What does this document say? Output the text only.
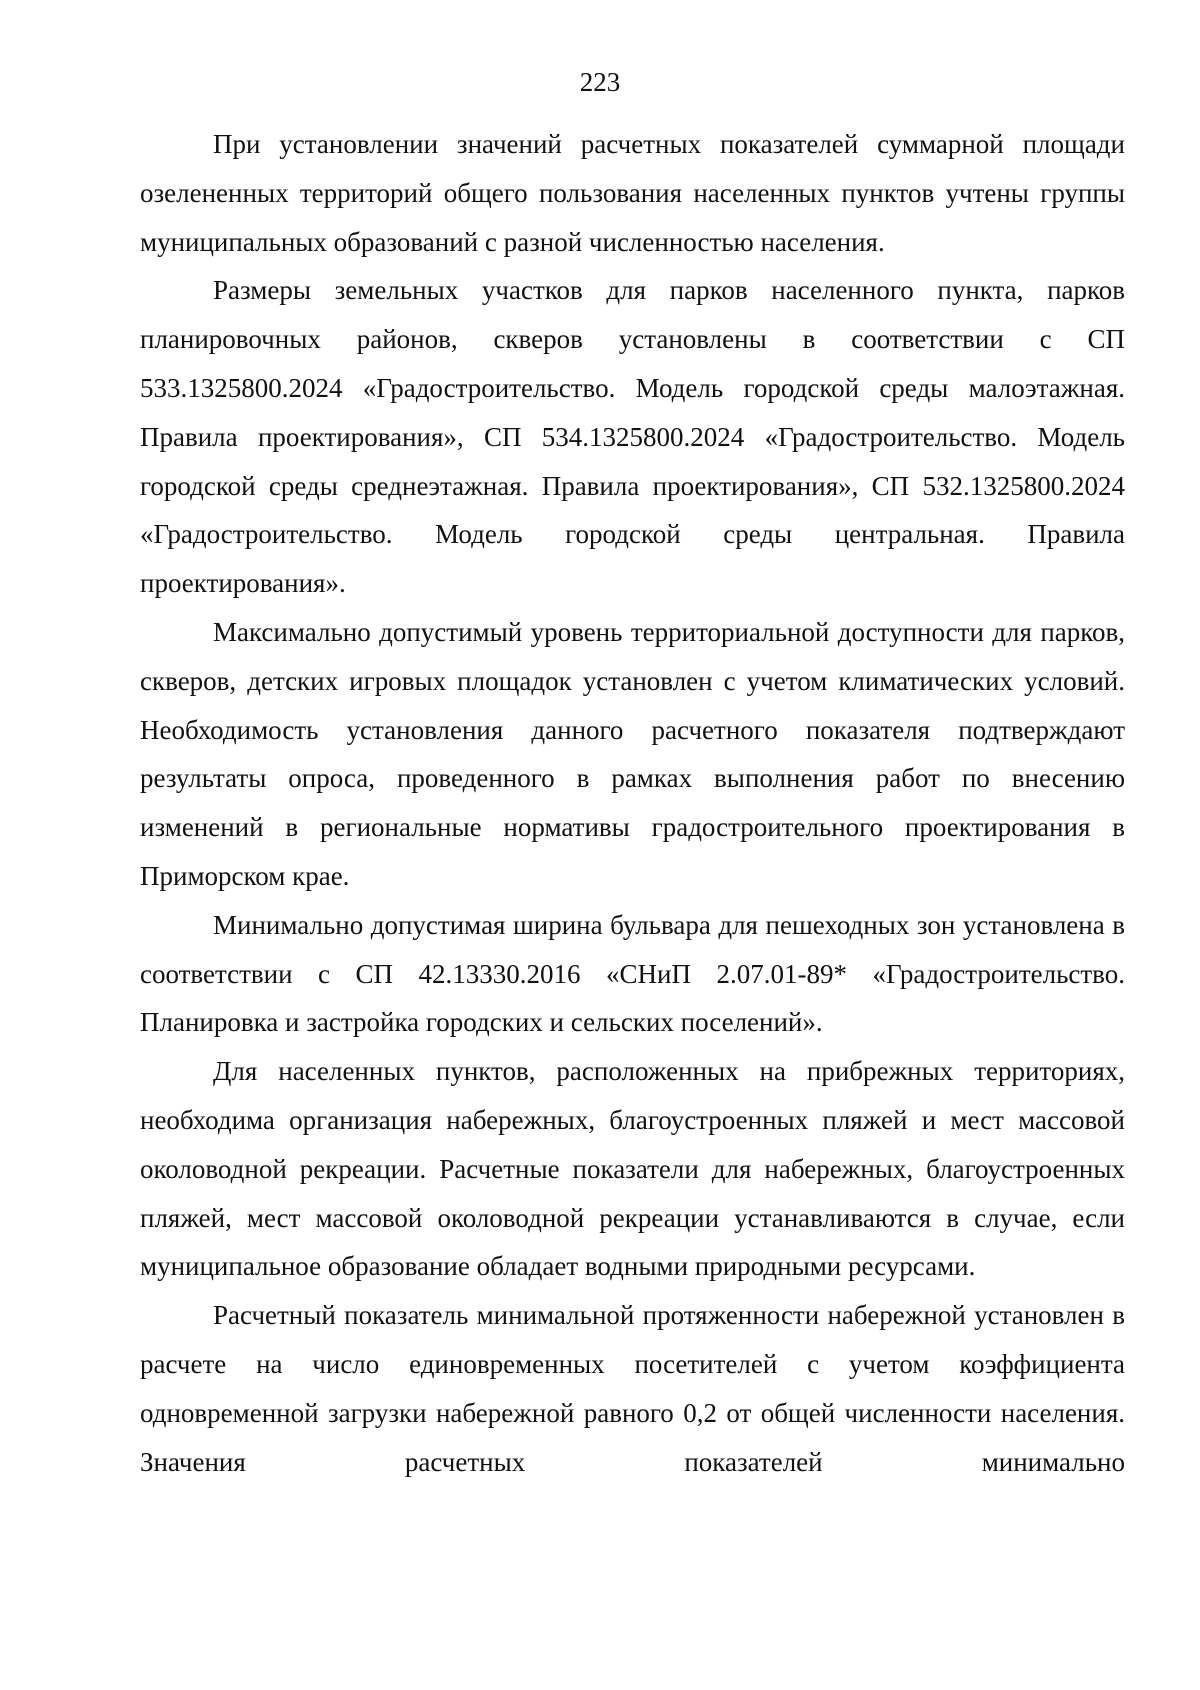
223

При установлении значений расчетных показателей суммарной площади озелененных территорий общего пользования населенных пунктов учтены группы муниципальных образований с разной численностью населения.

Размеры земельных участков для парков населенного пункта, парков планировочных районов, скверов установлены в соответствии с СП 533.1325800.2024 «Градостроительство. Модель городской среды малоэтажная. Правила проектирования», СП 534.1325800.2024 «Градостроительство. Модель городской среды среднеэтажная. Правила проектирования», СП 532.1325800.2024 «Градостроительство. Модель городской среды центральная. Правила проектирования».

Максимально допустимый уровень территориальной доступности для парков, скверов, детских игровых площадок установлен с учетом климатических условий. Необходимость установления данного расчетного показателя подтверждают результаты опроса, проведенного в рамках выполнения работ по внесению изменений в региональные нормативы градостроительного проектирования в Приморском крае.

Минимально допустимая ширина бульвара для пешеходных зон установлена в соответствии с СП 42.13330.2016 «СНиП 2.07.01-89* «Градостроительство. Планировка и застройка городских и сельских поселений».

Для населенных пунктов, расположенных на прибрежных территориях, необходима организация набережных, благоустроенных пляжей и мест массовой околоводной рекреации. Расчетные показатели для набережных, благоустроенных пляжей, мест массовой околоводной рекреации устанавливаются в случае, если муниципальное образование обладает водными природными ресурсами.

Расчетный показатель минимальной протяженности набережной установлен в расчете на число единовременных посетителей с учетом коэффициента одновременной загрузки набережной равного 0,2 от общей численности населения. Значения расчетных показателей минимально
